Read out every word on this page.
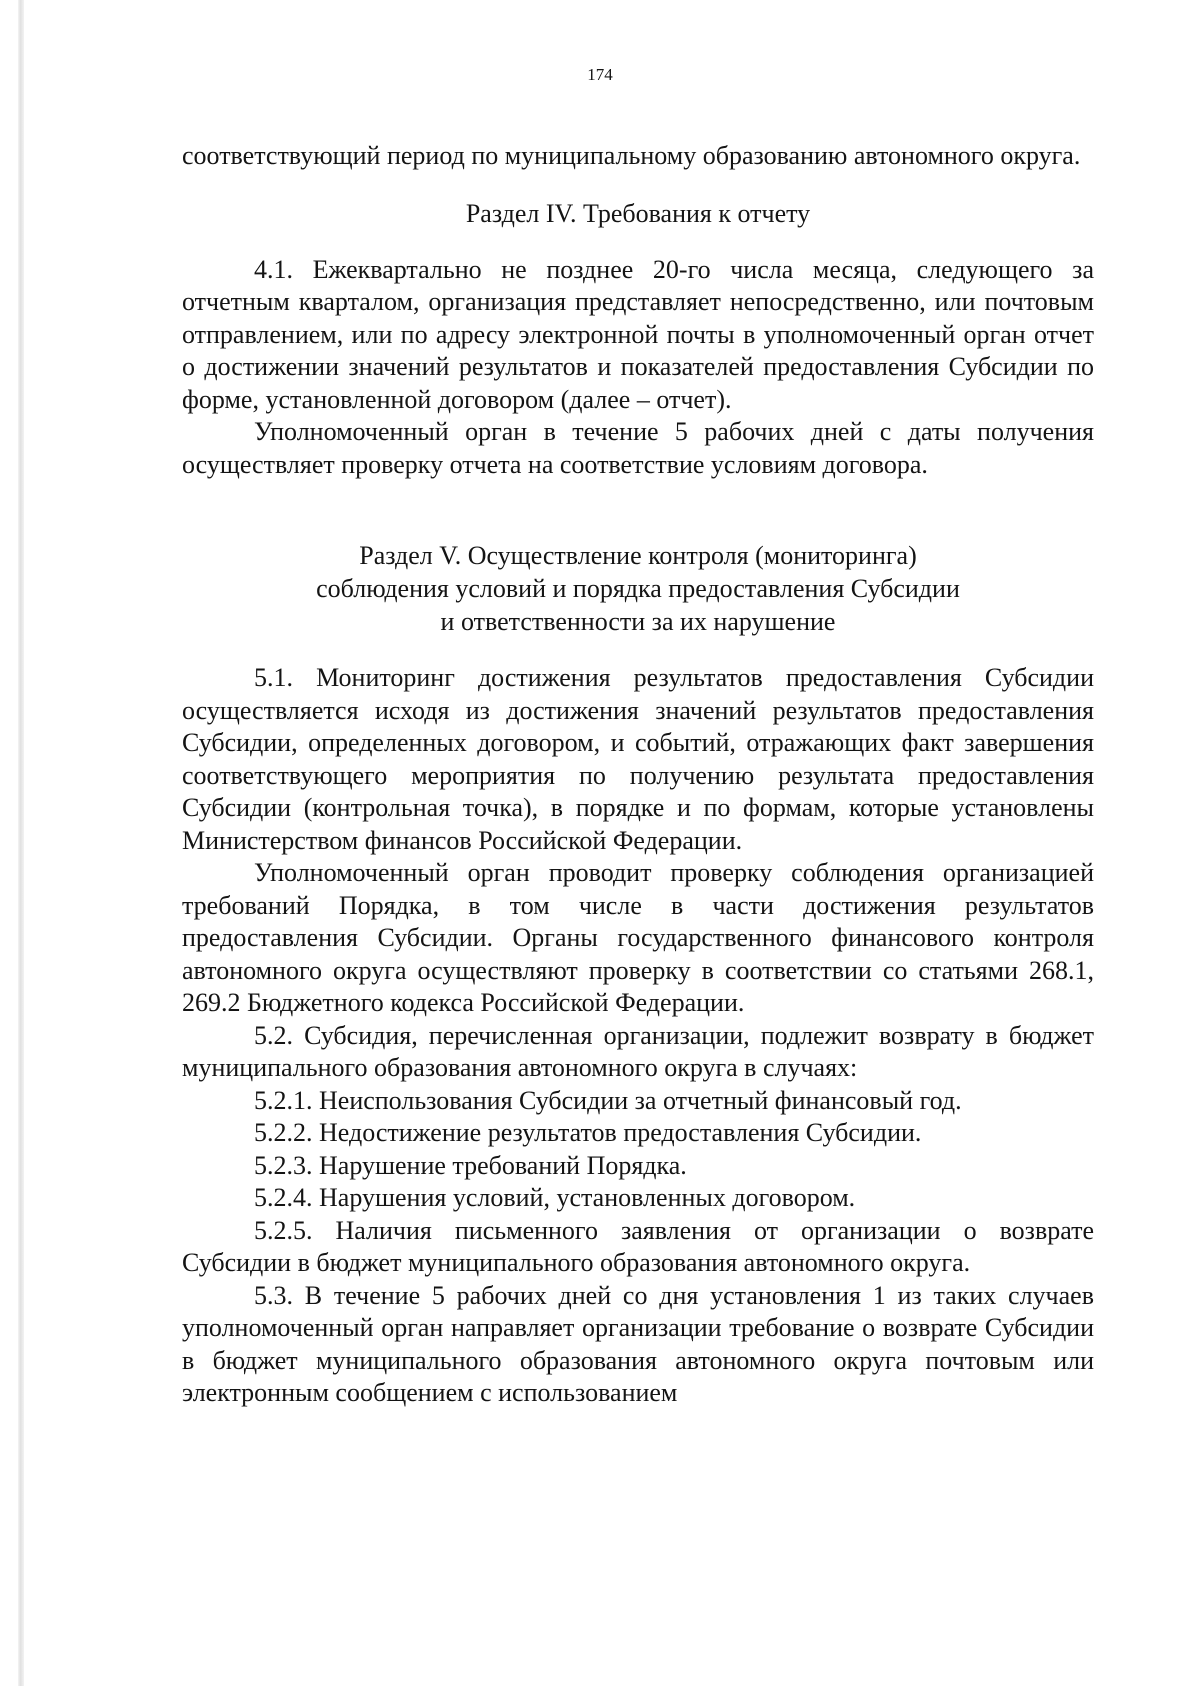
174

соответствующий период по муниципальному образованию автономного округа.

Раздел IV. Требования к отчету

4.1. Ежеквартально не позднее 20-го числа месяца, следующего за отчетным кварталом, организация представляет непосредственно, или почтовым отправлением, или по адресу электронной почты в уполномоченный орган отчет о достижении значений результатов и показателей предоставления Субсидии по форме, установленной договором (далее – отчет).

Уполномоченный орган в течение 5 рабочих дней с даты получения осуществляет проверку отчета на соответствие условиям договора.

Раздел V. Осуществление контроля (мониторинга)
соблюдения условий и порядка предоставления Субсидии
и ответственности за их нарушение

5.1. Мониторинг достижения результатов предоставления Субсидии осуществляется исходя из достижения значений результатов предоставления Субсидии, определенных договором, и событий, отражающих факт завершения соответствующего мероприятия по получению результата предоставления Субсидии (контрольная точка), в порядке и по формам, которые установлены Министерством финансов Российской Федерации.

Уполномоченный орган проводит проверку соблюдения организацией требований Порядка, в том числе в части достижения результатов предоставления Субсидии. Органы государственного финансового контроля автономного округа осуществляют проверку в соответствии со статьями 268.1, 269.2 Бюджетного кодекса Российской Федерации.

5.2. Субсидия, перечисленная организации, подлежит возврату в бюджет муниципального образования автономного округа в случаях:

5.2.1. Неиспользования Субсидии за отчетный финансовый год.

5.2.2. Недостижение результатов предоставления Субсидии.

5.2.3. Нарушение требований Порядка.

5.2.4. Нарушения условий, установленных договором.

5.2.5. Наличия письменного заявления от организации о возврате Субсидии в бюджет муниципального образования автономного округа.

5.3. В течение 5 рабочих дней со дня установления 1 из таких случаев уполномоченный орган направляет организации требование о возврате Субсидии в бюджет муниципального образования автономного округа почтовым или электронным сообщением с использованием
